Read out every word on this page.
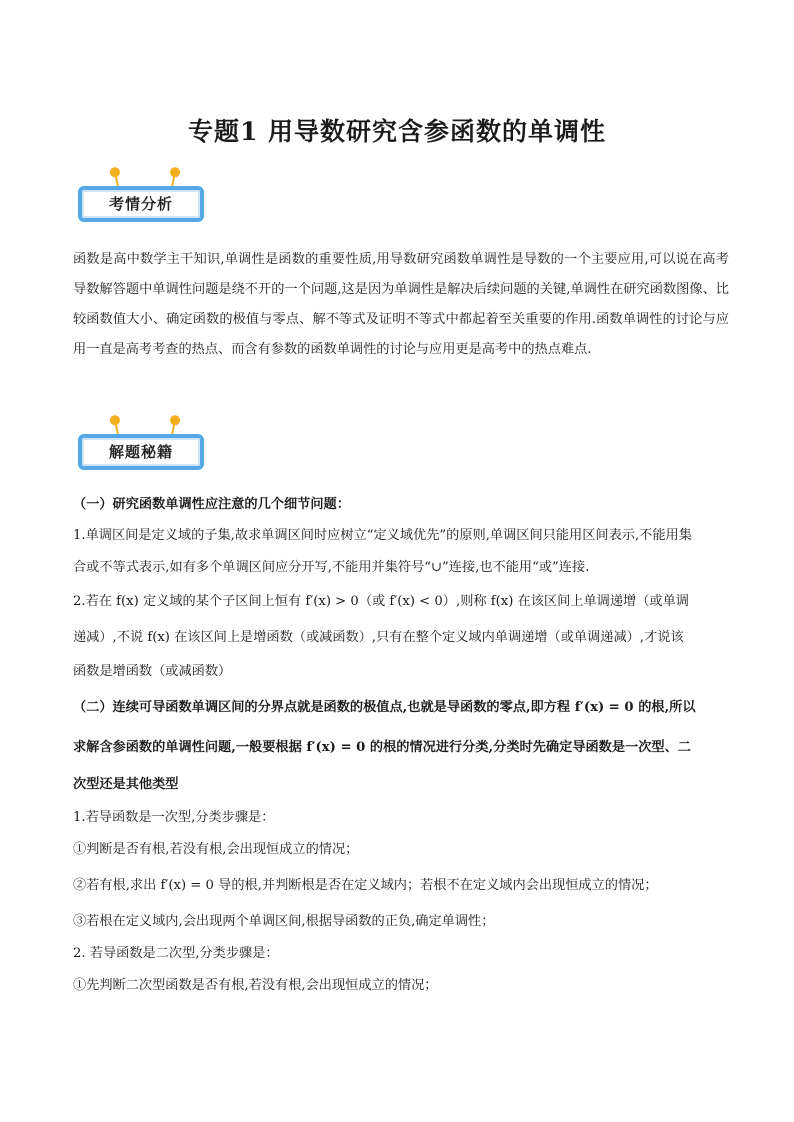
专题1 用导数研究含参函数的单调性
考情分析
函数是高中数学主干知识,单调性是函数的重要性质,用导数研究函数单调性是导数的一个主要应用,可以说在高考导数解答题中单调性问题是绕不开的一个问题,这是因为单调性是解决后续问题的关键,单调性在研究函数图像、比较函数值大小、确定函数的极值与零点、解不等式及证明不等式中都起着至关重要的作用.函数单调性的讨论与应用一直是高考考查的热点、而含有参数的函数单调性的讨论与应用更是高考中的热点难点.
解题秘籍
（一）研究函数单调性应注意的几个细节问题：
1.单调区间是定义域的子集,故求单调区间时应树立“定义域优先”的原则,单调区间只能用区间表示,不能用集
合或不等式表示,如有多个单调区间应分开写,不能用并集符号“∪”连接,也不能用“或”连接.
2.若在 f(x) 定义域的某个子区间上恒有 f′(x) > 0（或 f′(x) < 0）,则称 f(x) 在该区间上单调递增（或单调
递减）,不说 f(x) 在该区间上是增函数（或减函数）,只有在整个定义域内单调递增（或单调递减）,才说该
函数是增函数（或减函数）
（二）连续可导函数单调区间的分界点就是函数的极值点,也就是导函数的零点,即方程 f′(x) = 0 的根,所以
求解含参函数的单调性问题,一般要根据 f′(x) = 0 的根的情况进行分类,分类时先确定导函数是一次型、二
次型还是其他类型
1.若导函数是一次型,分类步骤是：
①判断是否有根,若没有根,会出现恒成立的情况；
②若有根,求出 f′(x) = 0 导的根,并判断根是否在定义域内；若根不在定义域内会出现恒成立的情况；
③若根在定义域内,会出现两个单调区间,根据导函数的正负,确定单调性；
2. 若导函数是二次型,分类步骤是：
①先判断二次型函数是否有根,若没有根,会出现恒成立的情况；
